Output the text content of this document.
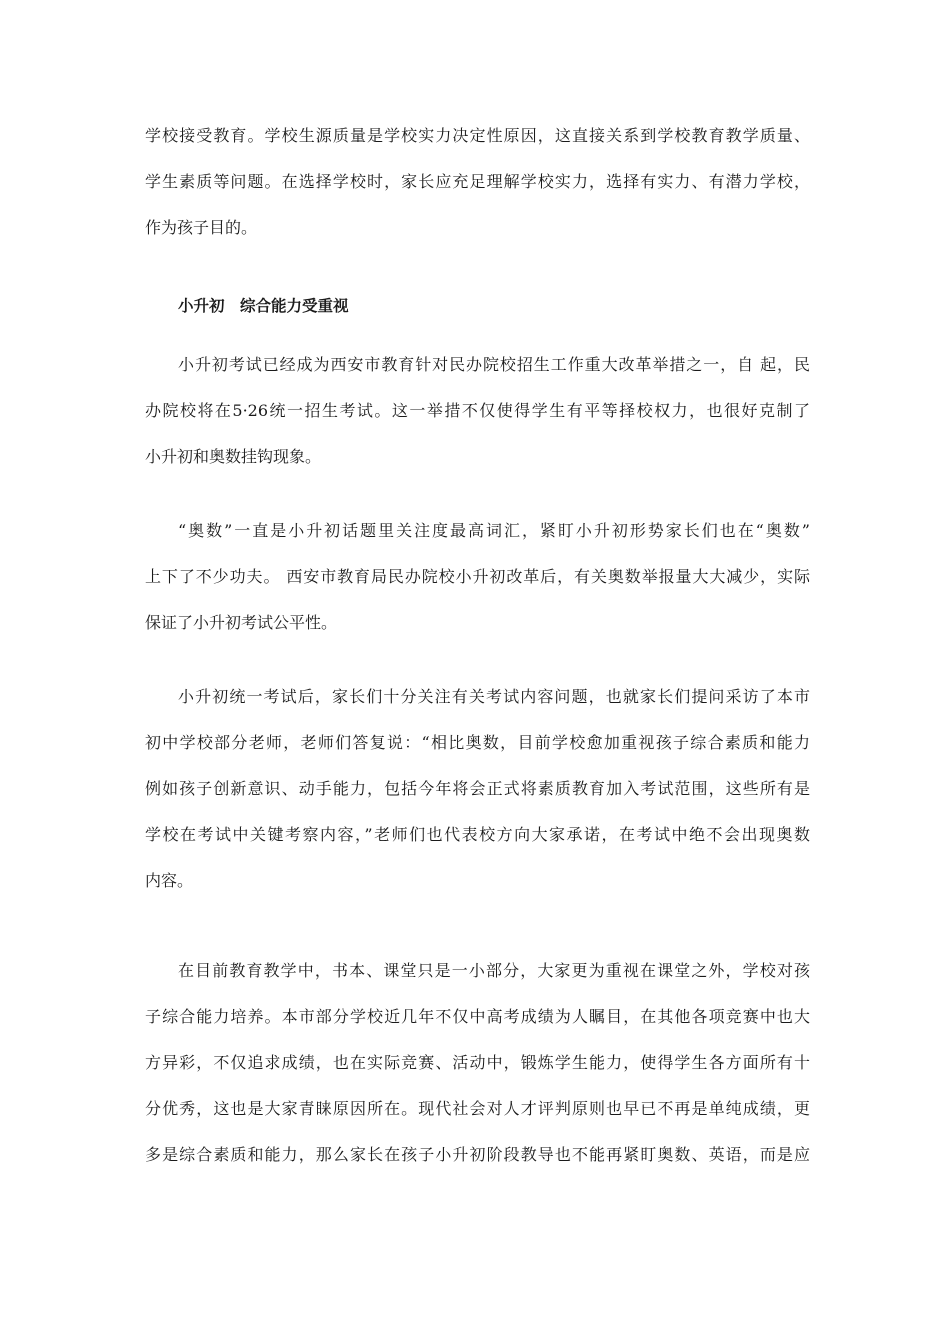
学校接受教育。学校生源质量是学校实力决定性原因，这直接关系到学校教育教学质量、
学生素质等问题。在选择学校时，家长应充足理解学校实力，选择有实力、有潜力学校，
作为孩子目的。
小升初　综合能力受重视
小升初考试已经成为西安市教育针对民办院校招生工作重大改革举措之一，自 起，民
办院校将在5·26统一招生考试。这一举措不仅使得学生有平等择校权力，也很好克制了
小升初和奥数挂钩现象。
“奥数”一直是小升初话题里关注度最高词汇，紧盯小升初形势家长们也在“奥数”
上下了不少功夫。 西安市教育局民办院校小升初改革后，有关奥数举报量大大减少，实际
保证了小升初考试公平性。
小升初统一考试后，家长们十分关注有关考试内容问题，也就家长们提问采访了本市
初中学校部分老师，老师们答复说：“相比奥数，目前学校愈加重视孩子综合素质和能力
例如孩子创新意识、动手能力，包括今年将会正式将素质教育加入考试范围，这些所有是
学校在考试中关键考察内容，”老师们也代表校方向大家承诺，在考试中绝不会出现奥数
内容。
在目前教育教学中，书本、课堂只是一小部分，大家更为重视在课堂之外，学校对孩
子综合能力培养。本市部分学校近几年不仅中高考成绩为人瞩目，在其他各项竞赛中也大
方异彩，不仅追求成绩，也在实际竞赛、活动中，锻炼学生能力，使得学生各方面所有十
分优秀，这也是大家青睐原因所在。现代社会对人才评判原则也早已不再是单纯成绩，更
多是综合素质和能力，那么家长在孩子小升初阶段教导也不能再紧盯奥数、英语，而是应
